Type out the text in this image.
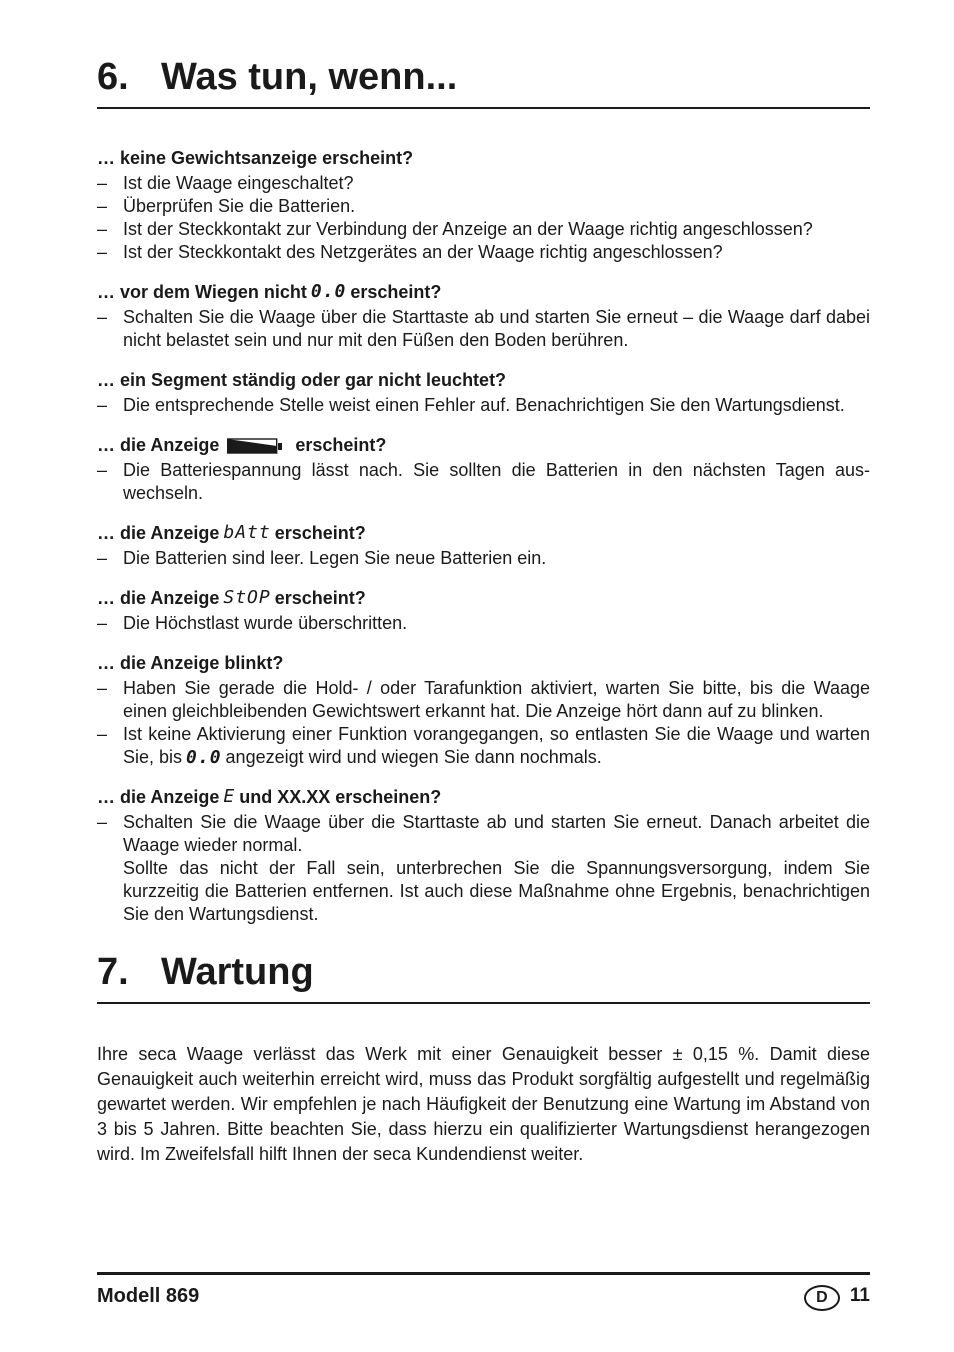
6. Was tun, wenn...
… keine Gewichtsanzeige erscheint?
– Ist die Waage eingeschaltet?
– Überprüfen Sie die Batterien.
– Ist der Steckkontakt zur Verbindung der Anzeige an der Waage richtig angeschlossen?
– Ist der Steckkontakt des Netzgerätes an der Waage richtig angeschlossen?
… vor dem Wiegen nicht 0.0 erscheint?
– Schalten Sie die Waage über die Starttaste ab und starten Sie erneut – die Waage darf dabei nicht belastet sein und nur mit den Füßen den Boden berühren.
… ein Segment ständig oder gar nicht leuchtet?
– Die entsprechende Stelle weist einen Fehler auf. Benachrichtigen Sie den Wartungsdienst.
… die Anzeige	erscheint?
– Die Batteriespannung lässt nach. Sie sollten die Batterien in den nächsten Tagen auswechseln.
… die Anzeige bAtt erscheint?
– Die Batterien sind leer. Legen Sie neue Batterien ein.
… die Anzeige StOP erscheint?
– Die Höchstlast wurde überschritten.
… die Anzeige blinkt?
– Haben Sie gerade die Hold- / oder Tarafunktion aktiviert, warten Sie bitte, bis die Waage einen gleichbleibenden Gewichtswert erkannt hat. Die Anzeige hört dann auf zu blinken.
– Ist keine Aktivierung einer Funktion vorangegangen, so entlasten Sie die Waage und warten Sie, bis 0.0 angezeigt wird und wiegen Sie dann nochmals.
… die Anzeige E und XX.XX erscheinen?
– Schalten Sie die Waage über die Starttaste ab und starten Sie erneut. Danach arbeitet die Waage wieder normal.
Sollte das nicht der Fall sein, unterbrechen Sie die Spannungsversorgung, indem Sie kurzzeitig die Batterien entfernen. Ist auch diese Maßnahme ohne Ergebnis, benachrichtigen Sie den Wartungsdienst.
7. Wartung
Ihre seca Waage verlässt das Werk mit einer Genauigkeit besser ± 0,15 %. Damit diese Genauigkeit auch weiterhin erreicht wird, muss das Produkt sorgfältig aufgestellt und regelmäßig gewartet werden. Wir empfehlen je nach Häufigkeit der Benutzung eine Wartung im Abstand von 3 bis 5 Jahren. Bitte beachten Sie, dass hierzu ein qualifizierter Wartungsdienst herangezogen wird. Im Zweifelsfall hilft Ihnen der seca Kundendienst weiter.
Modell 869	D	11
